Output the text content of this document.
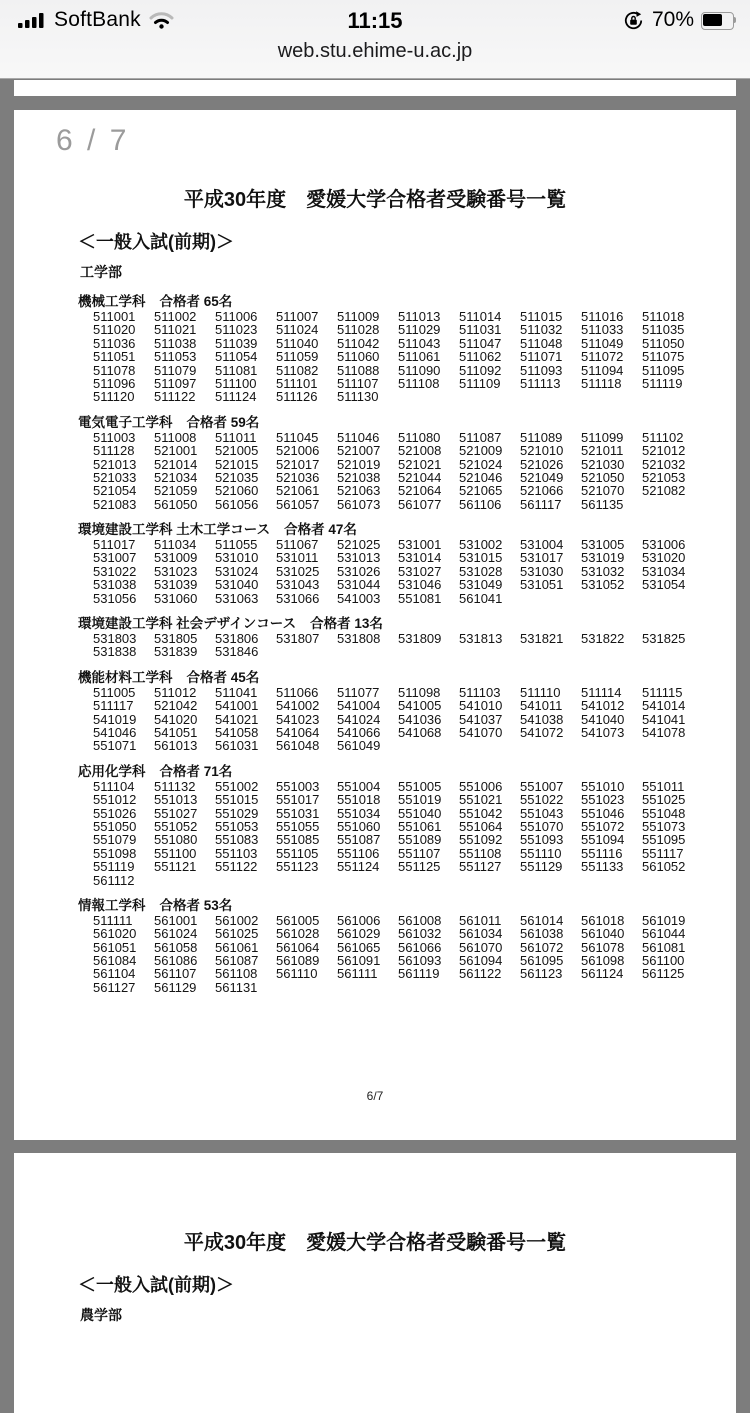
SoftBank	11:15	70%
web.stu.ehime-u.ac.jp
6 / 7
平成30年度　愛媛大学合格者受験番号一覧
＜一般入試(前期)＞
工学部
機械工学科 合格者 65名
511001	511002	511006	511007	511009	511013	511014	511015	511016	511018
511020	511021	511023	511024	511028	511029	511031	511032	511033	511035
511036	511038	511039	511040	511042	511043	511047	511048	511049	511050
511051	511053	511054	511059	511060	511061	511062	511071	511072	511075
511078	511079	511081	511082	511088	511090	511092	511093	511094	511095
511096	511097	511100	511101	511107	511108	511109	511113	511118	511119
511120	511122	511124	511126	511130
電気電子工学科 合格者 59名
511003	511008	511011	511045	511046	511080	511087	511089	511099	511102
511128	521001	521005	521006	521007	521008	521009	521010	521011	521012
521013	521014	521015	521017	521019	521021	521024	521026	521030	521032
521033	521034	521035	521036	521038	521044	521046	521049	521050	521053
521054	521059	521060	521061	521063	521064	521065	521066	521070	521082
521083	561050	561056	561057	561073	561077	561106	561117	561135
環境建設工学科 土木工学コース 合格者 47名
511017	511034	511055	511067	521025	531001	531002	531004	531005	531006
531007	531009	531010	531011	531013	531014	531015	531017	531019	531020
531022	531023	531024	531025	531026	531027	531028	531030	531032	531034
531038	531039	531040	531043	531044	531046	531049	531051	531052	531054
531056	531060	531063	531066	541003	551081	561041
環境建設工学科 社会デザインコース 合格者 13名
531803	531805	531806	531807	531808	531809	531813	531821	531822	531825
531838	531839	531846
機能材料工学科 合格者 45名
511005	511012	511041	511066	511077	511098	511103	511110	511114	511115
511117	521042	541001	541002	541004	541005	541010	541011	541012	541014
541019	541020	541021	541023	541024	541036	541037	541038	541040	541041
541046	541051	541058	541064	541066	541068	541070	541072	541073	541078
551071	561013	561031	561048	561049
応用化学科 合格者 71名
511104	511132	551002	551003	551004	551005	551006	551007	551010	551011
551012	551013	551015	551017	551018	551019	551021	551022	551023	551025
551026	551027	551029	551031	551034	551040	551042	551043	551046	551048
551050	551052	551053	551055	551060	551061	551064	551070	551072	551073
551079	551080	551083	551085	551087	551089	551092	551093	551094	551095
551098	551100	551103	551105	551106	551107	551108	551110	551116	551117
551119	551121	551122	551123	551124	551125	551127	551129	551133	561052
561112
情報工学科 合格者 53名
511111	561001	561002	561005	561006	561008	561011	561014	561018	561019
561020	561024	561025	561028	561029	561032	561034	561038	561040	561044
561051	561058	561061	561064	561065	561066	561070	561072	561078	561081
561084	561086	561087	561089	561091	561093	561094	561095	561098	561100
561104	561107	561108	561110	561111	561119	561122	561123	561124	561125
561127	561129	561131
6/7
平成30年度　愛媛大学合格者受験番号一覧
＜一般入試(前期)＞
農学部
